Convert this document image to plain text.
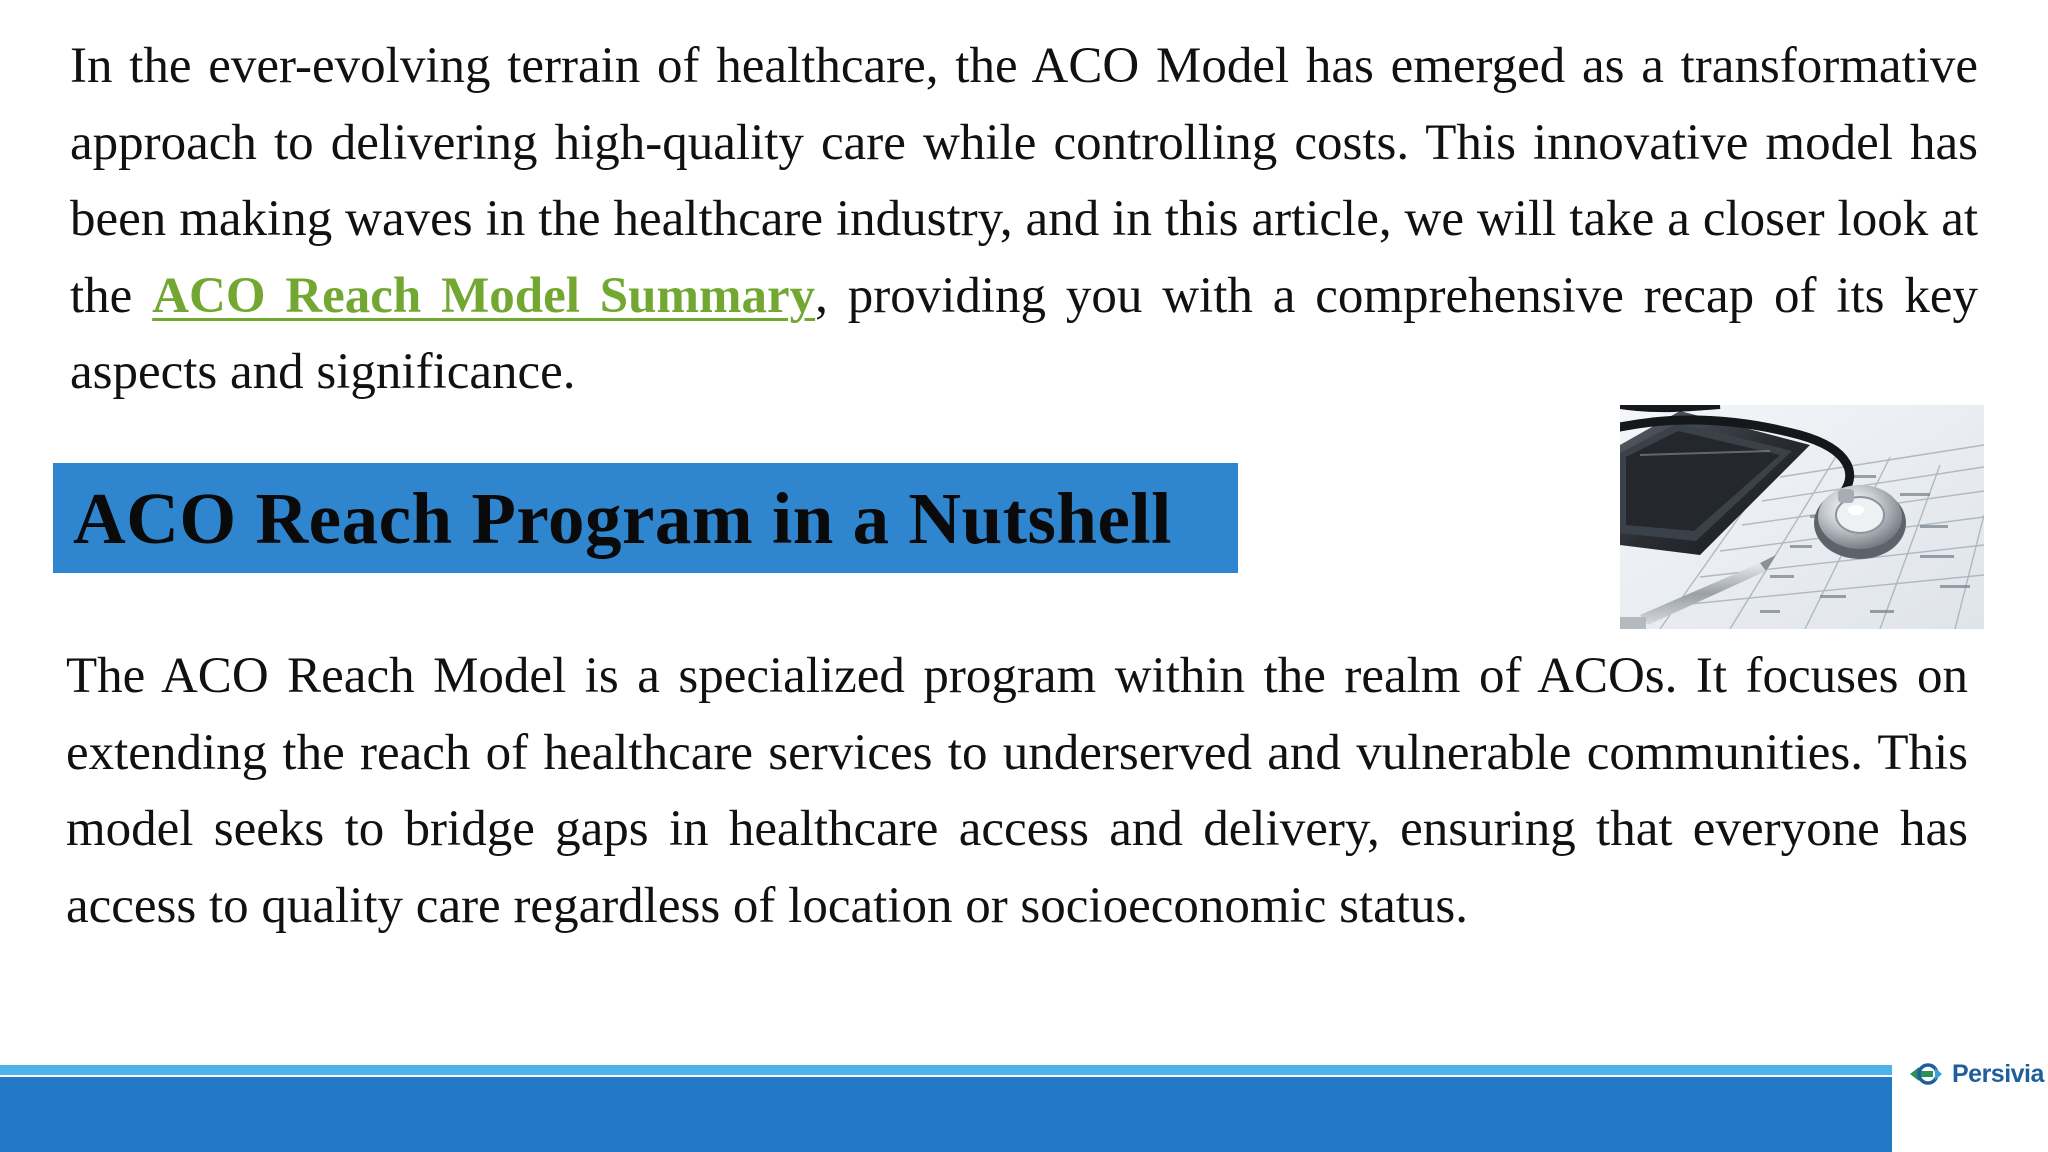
In the ever-evolving terrain of healthcare, the ACO Model has emerged as a transformative approach to delivering high-quality care while controlling costs. This innovative model has been making waves in the healthcare industry, and in this article, we will take a closer look at the ACO Reach Model Summary, providing you with a comprehensive recap of its key aspects and significance.

ACO Reach Program in a Nutshell

The ACO Reach Model is a specialized program within the realm of ACOs. It focuses on extending the reach of healthcare services to underserved and vulnerable communities. This model seeks to bridge gaps in healthcare access and delivery, ensuring that everyone has access to quality care regardless of location or socioeconomic status.

Persivia
